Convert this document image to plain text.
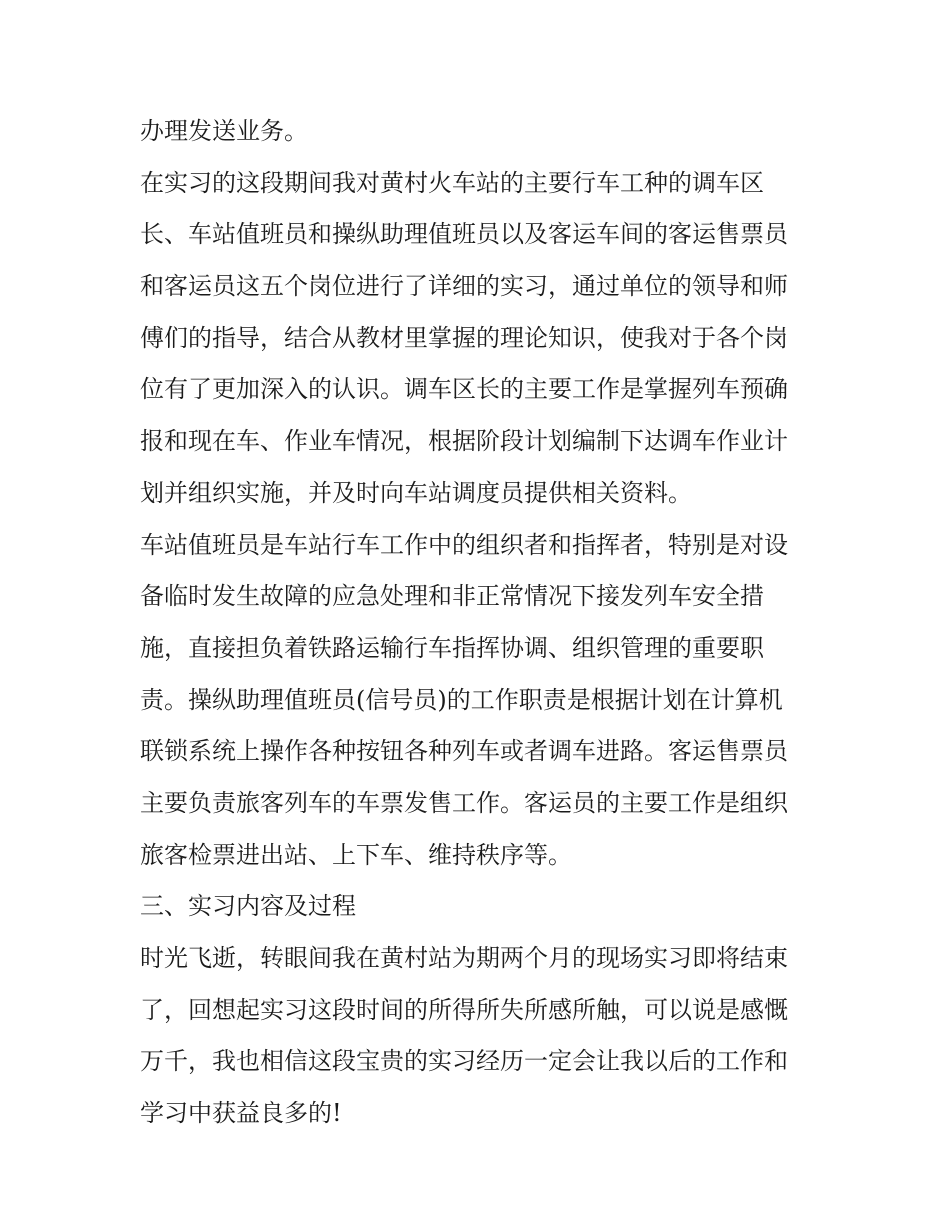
办理发送业务。
在实习的这段期间我对黄村火车站的主要行车工种的调车区
长、车站值班员和操纵助理值班员以及客运车间的客运售票员
和客运员这五个岗位进行了详细的实习，通过单位的领导和师
傅们的指导，结合从教材里掌握的理论知识，使我对于各个岗
位有了更加深入的认识。调车区长的主要工作是掌握列车预确
报和现在车、作业车情况，根据阶段计划编制下达调车作业计
划并组织实施，并及时向车站调度员提供相关资料。
车站值班员是车站行车工作中的组织者和指挥者，特别是对设
备临时发生故障的应急处理和非正常情况下接发列车安全措
施，直接担负着铁路运输行车指挥协调、组织管理的重要职
责。操纵助理值班员(信号员)的工作职责是根据计划在计算机
联锁系统上操作各种按钮各种列车或者调车进路。客运售票员
主要负责旅客列车的车票发售工作。客运员的主要工作是组织
旅客检票进出站、上下车、维持秩序等。
三、实习内容及过程
时光飞逝，转眼间我在黄村站为期两个月的现场实习即将结束
了，回想起实习这段时间的所得所失所感所触，可以说是感慨
万千，我也相信这段宝贵的实习经历一定会让我以后的工作和
学习中获益良多的!
